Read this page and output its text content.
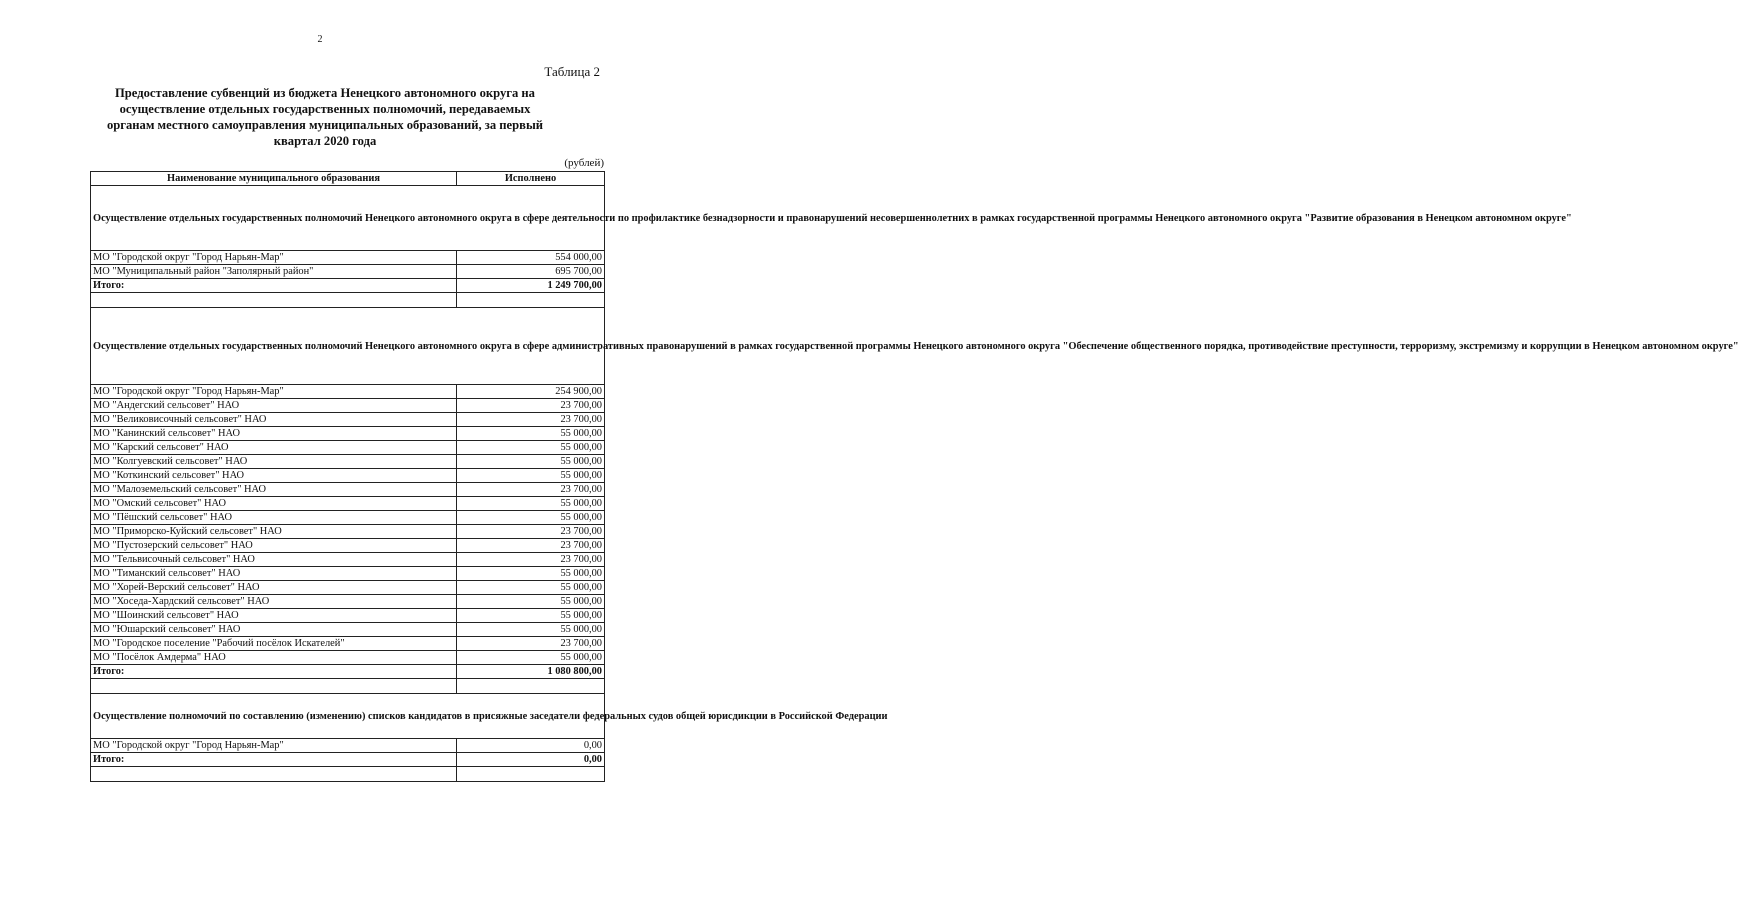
2
Таблица 2
Предоставление субвенций из бюджета Ненецкого автономного округа на осуществление отдельных государственных полномочий, передаваемых органам местного самоуправления муниципальных образований, за первый квартал 2020 года
(рублей)
Наименование муниципального образования	Исполнено
Осуществление отдельных государственных полномочий Ненецкого автономного округа в сфере деятельности по профилактике безнадзорности и правонарушений несовершеннолетних в рамках государственной программы Ненецкого автономного округа "Развитие образования в Ненецком автономном округе"	
МО "Городской округ "Город Нарьян-Мар"	554 000,00
МО "Муниципальный район "Заполярный район"	695 700,00
Итого:	1 249 700,00

Осуществление отдельных государственных полномочий Ненецкого автономного округа в сфере административных правонарушений в рамках государственной программы Ненецкого автономного округа "Обеспечение общественного порядка, противодействие преступности, терроризму, экстремизму и коррупции в Ненецком автономном округе"	
МО "Городской округ "Город Нарьян-Мар"	254 900,00
МО "Андегский сельсовет" НАО	23 700,00
МО "Великовисочный сельсовет" НАО	23 700,00
МО "Канинский сельсовет" НАО	55 000,00
МО "Карский сельсовет" НАО	55 000,00
МО "Колгуевский сельсовет" НАО	55 000,00
МО "Коткинский сельсовет" НАО	55 000,00
МО "Малоземельский сельсовет" НАО	23 700,00
МО "Омский сельсовет" НАО	55 000,00
МО "Пёшский сельсовет" НАО	55 000,00
МО "Приморско-Куйский сельсовет" НАО	23 700,00
МО "Пустозерский сельсовет" НАО	23 700,00
МО "Тельвисочный сельсовет" НАО	23 700,00
МО "Тиманский сельсовет" НАО	55 000,00
МО "Хорей-Верский сельсовет" НАО	55 000,00
МО "Хоседа-Хардский сельсовет" НАО	55 000,00
МО "Шоинский сельсовет" НАО	55 000,00
МО "Юшарский сельсовет" НАО	55 000,00
МО "Городское поселение "Рабочий посёлок Искателей"	23 700,00
МО "Посёлок Амдерма" НАО	55 000,00
Итого:	1 080 800,00

Осуществление полномочий по составлению (изменению) списков кандидатов в присяжные заседатели федеральных судов общей юрисдикции в Российской Федерации	
МО "Городской округ "Город Нарьян-Мар"	0,00
Итого:	0,00
